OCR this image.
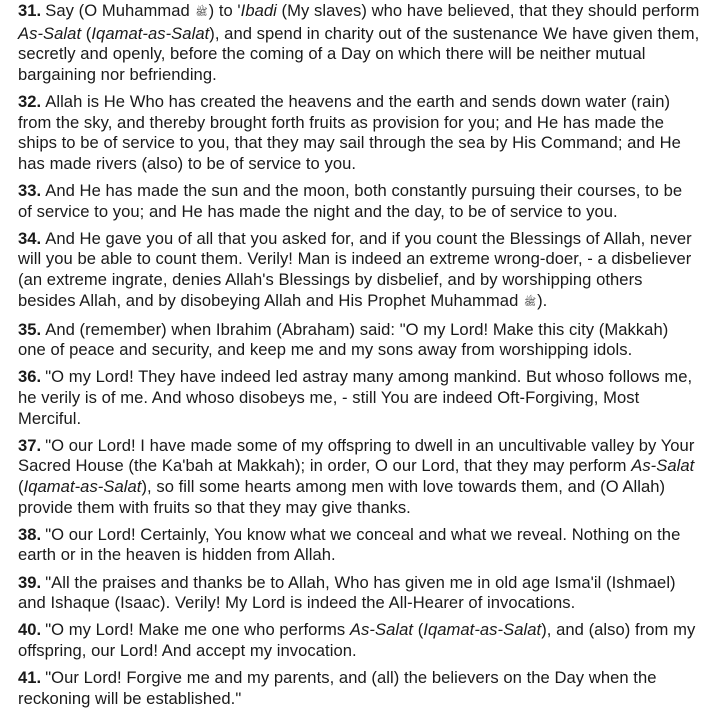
31. Say (O Muhammad ﷺ) to 'Ibadi (My slaves) who have believed, that they should perform As-Salat (Iqamat-as-Salat), and spend in charity out of the sustenance We have given them, secretly and openly, before the coming of a Day on which there will be neither mutual bargaining nor befriending.

32. Allah is He Who has created the heavens and the earth and sends down water (rain) from the sky, and thereby brought forth fruits as provision for you; and He has made the ships to be of service to you, that they may sail through the sea by His Command; and He has made rivers (also) to be of service to you.

33. And He has made the sun and the moon, both constantly pursuing their courses, to be of service to you; and He has made the night and the day, to be of service to you.

34. And He gave you of all that you asked for, and if you count the Blessings of Allah, never will you be able to count them. Verily! Man is indeed an extreme wrong-doer, - a disbeliever (an extreme ingrate, denies Allah's Blessings by disbelief, and by worshipping others besides Allah, and by disobeying Allah and His Prophet Muhammad ﷺ).

35. And (remember) when Ibrahim (Abraham) said: "O my Lord! Make this city (Makkah) one of peace and security, and keep me and my sons away from worshipping idols.

36. "O my Lord! They have indeed led astray many among mankind. But whoso follows me, he verily is of me. And whoso disobeys me, - still You are indeed Oft-Forgiving, Most Merciful.

37. "O our Lord! I have made some of my offspring to dwell in an uncultivable valley by Your Sacred House (the Ka'bah at Makkah); in order, O our Lord, that they may perform As-Salat (Iqamat-as-Salat), so fill some hearts among men with love towards them, and (O Allah) provide them with fruits so that they may give thanks.

38. "O our Lord! Certainly, You know what we conceal and what we reveal. Nothing on the earth or in the heaven is hidden from Allah.

39. "All the praises and thanks be to Allah, Who has given me in old age Isma'il (Ishmael) and Ishaque (Isaac). Verily! My Lord is indeed the All-Hearer of invocations.

40. "O my Lord! Make me one who performs As-Salat (Iqamat-as-Salat), and (also) from my offspring, our Lord! And accept my invocation.

41. "Our Lord! Forgive me and my parents, and (all) the believers on the Day when the reckoning will be established."
